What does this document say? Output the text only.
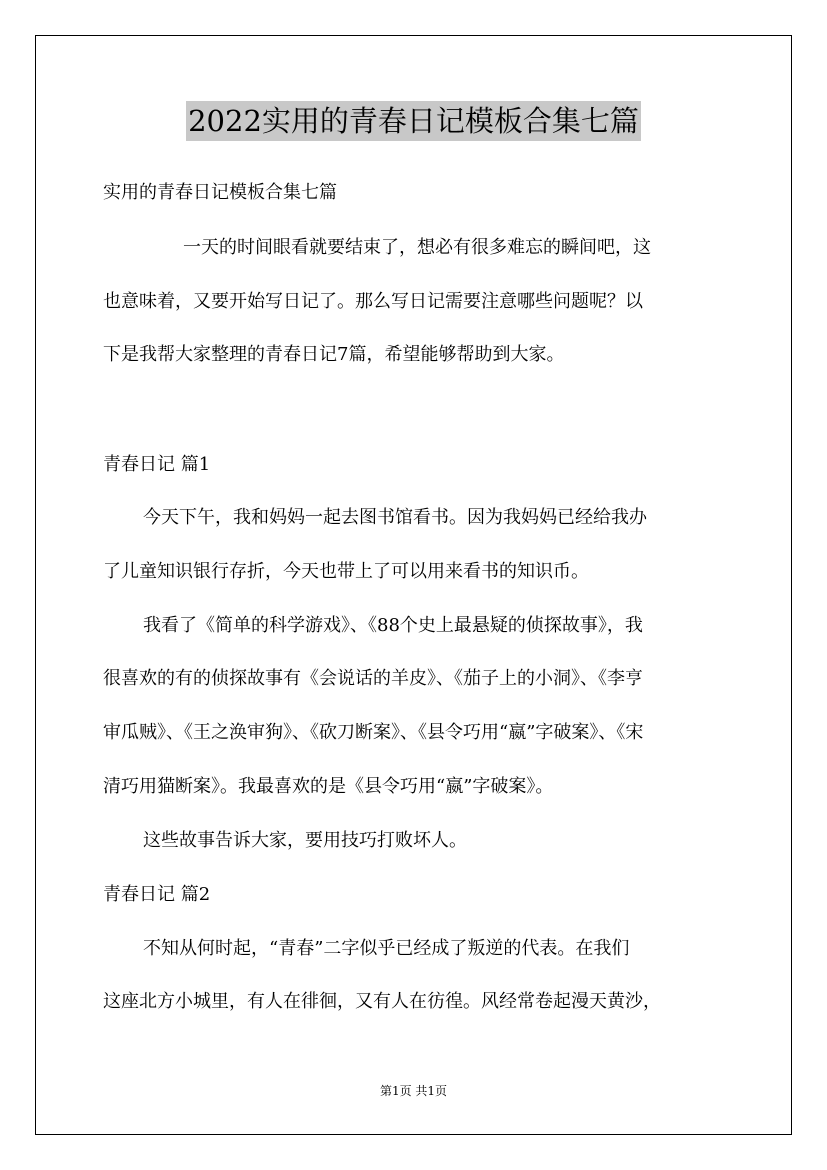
2022实用的青春日记模板合集七篇
实用的青春日记模板合集七篇
一天的时间眼看就要结束了，想必有很多难忘的瞬间吧，这
也意味着，又要开始写日记了。那么写日记需要注意哪些问题呢？以
下是我帮大家整理的青春日记7篇，希望能够帮助到大家。
青春日记 篇1
今天下午，我和妈妈一起去图书馆看书。因为我妈妈已经给我办
了儿童知识银行存折，今天也带上了可以用来看书的知识币。
我看了《简单的科学游戏》、《88个史上最悬疑的侦探故事》，我
很喜欢的有的侦探故事有《会说话的羊皮》、《茄子上的小洞》、《李亨
审瓜贼》、《王之涣审狗》、《砍刀断案》、《县令巧用“嬴”字破案》、《宋
清巧用猫断案》。我最喜欢的是《县令巧用“嬴”字破案》。
这些故事告诉大家，要用技巧打败坏人。
青春日记 篇2
不知从何时起，“青春”二字似乎已经成了叛逆的代表。在我们
这座北方小城里，有人在徘徊，又有人在彷徨。风经常卷起漫天黄沙，
第1页 共1页
